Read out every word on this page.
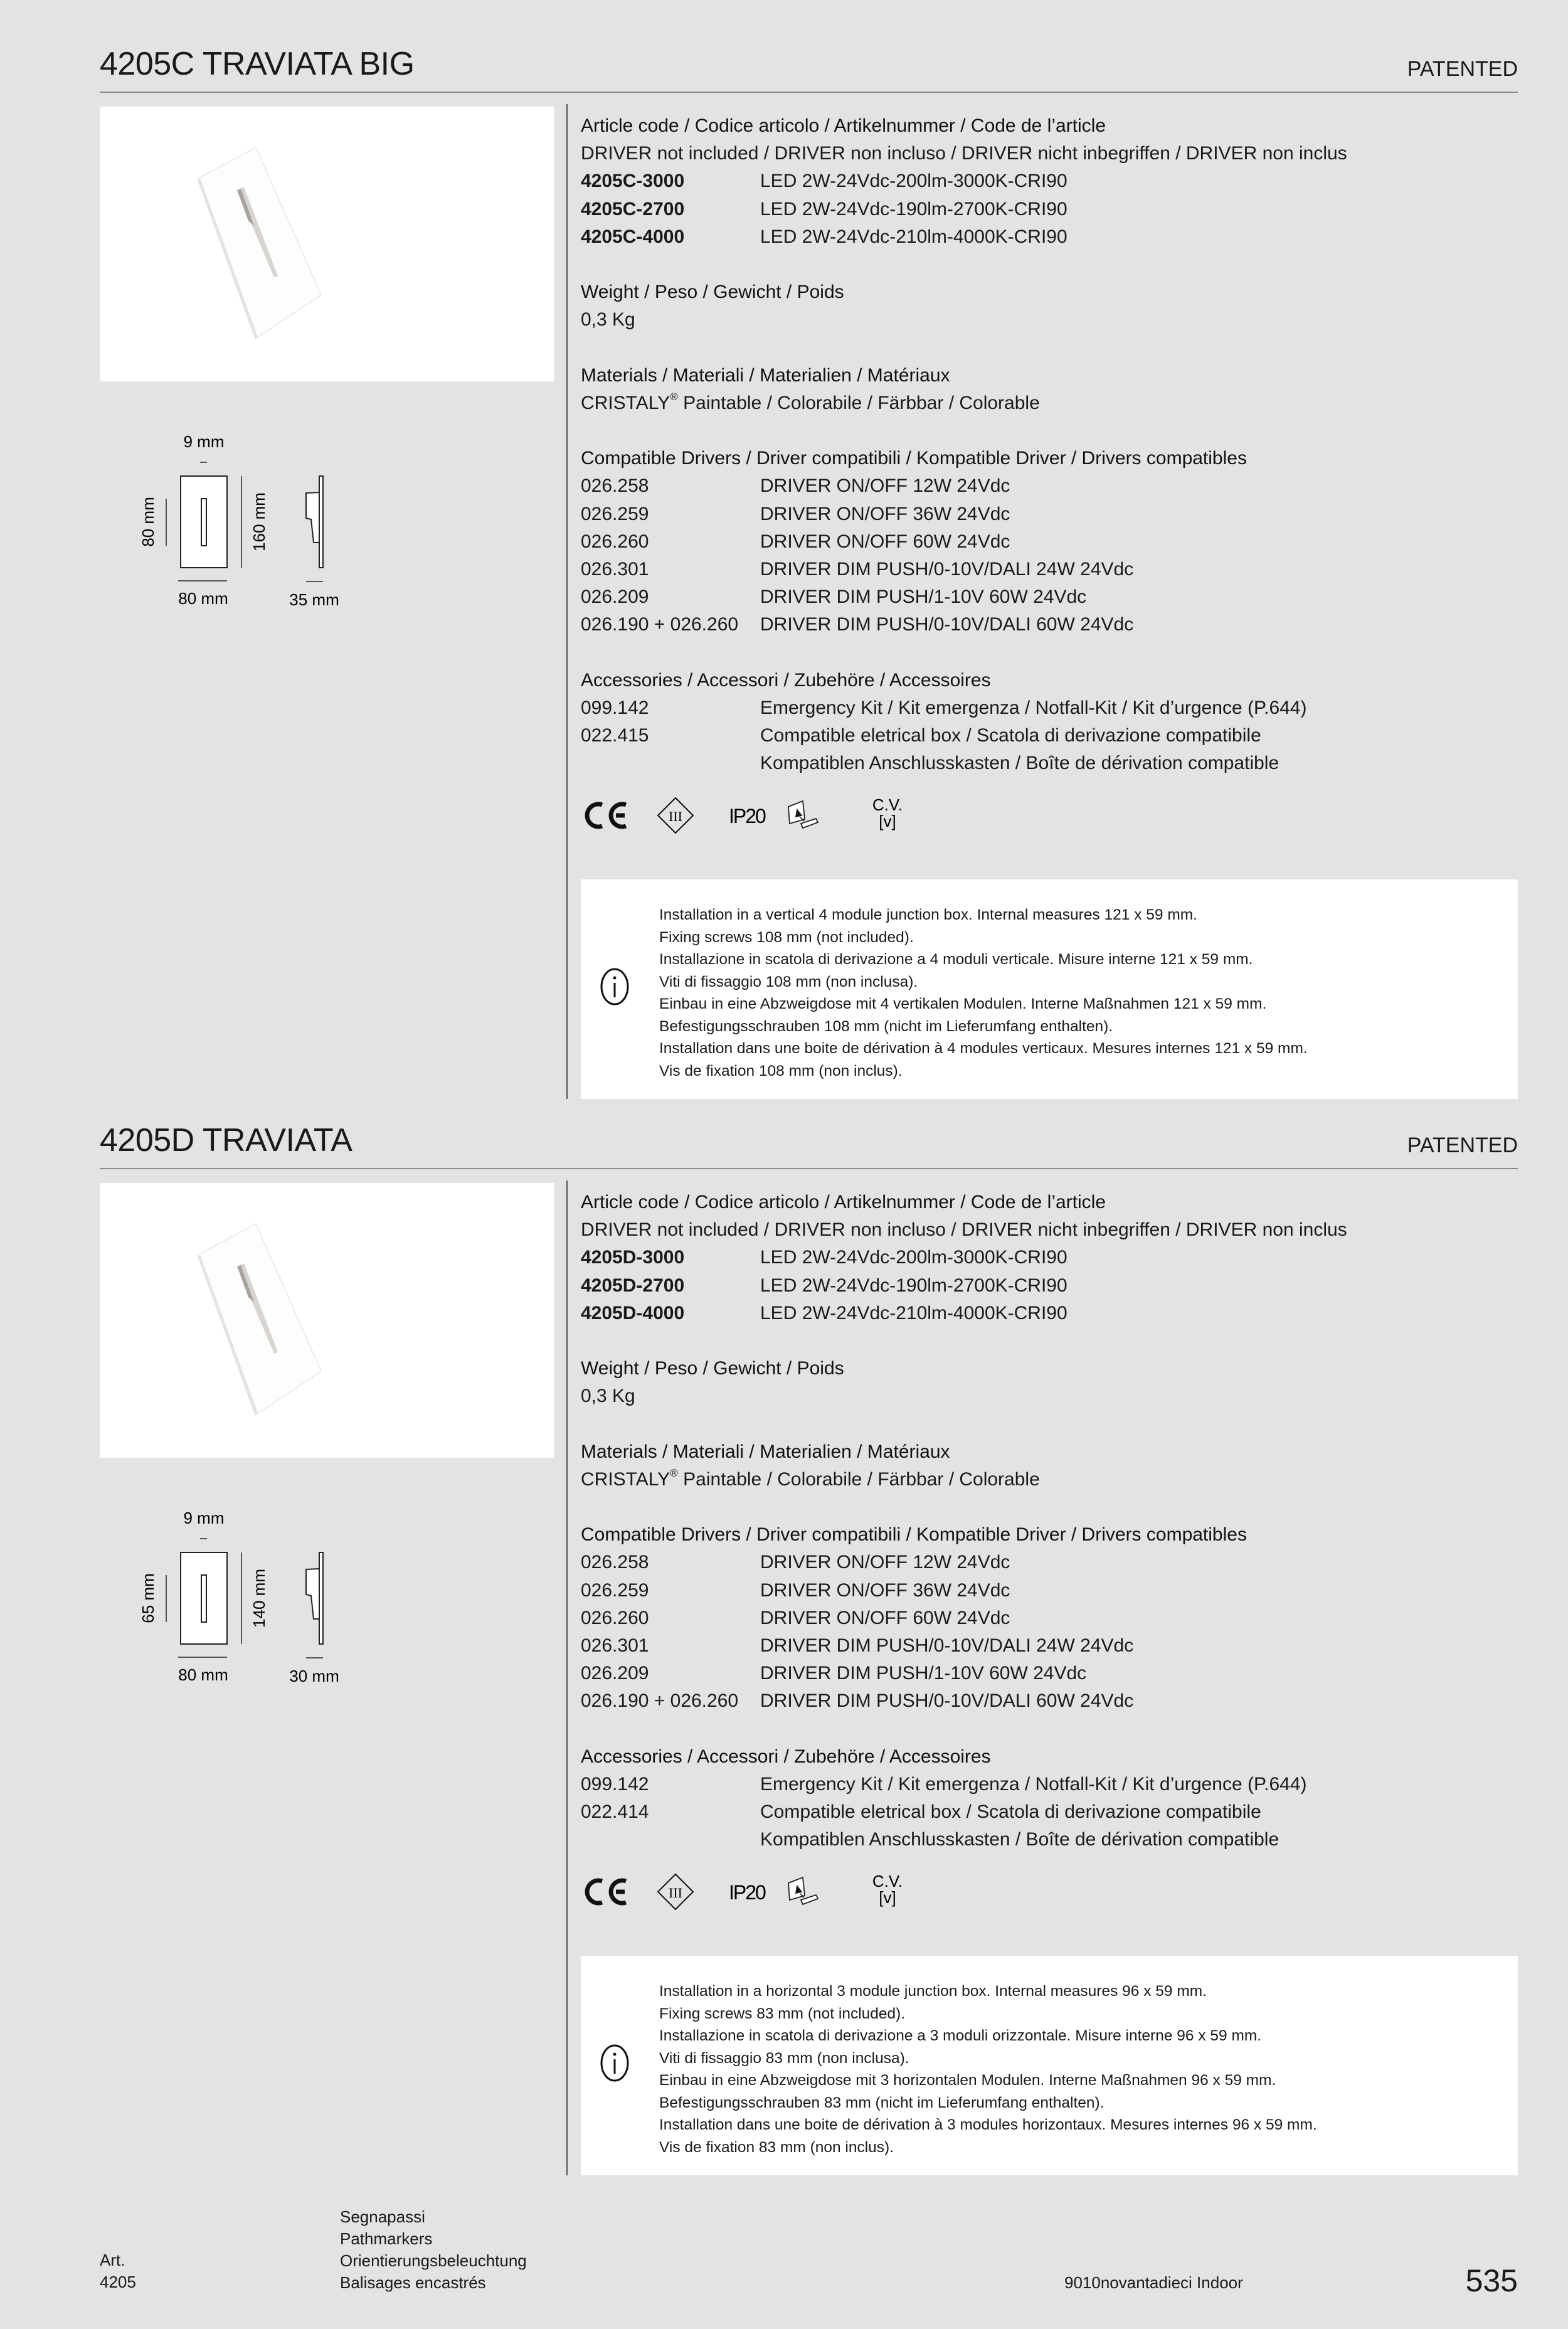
4205C TRAVIATA BIG	PATENTED
9 mm
80 mm	160 mm
80 mm	35 mm
Article code / Codice articolo / Artikelnummer / Code de l’article
DRIVER not included / DRIVER non incluso / DRIVER nicht inbegriffen / DRIVER non inclus
4205C-3000	LED 2W-24Vdc-200lm-3000K-CRI90
4205C-2700	LED 2W-24Vdc-190lm-2700K-CRI90
4205C-4000	LED 2W-24Vdc-210lm-4000K-CRI90
Weight / Peso / Gewicht / Poids
0,3 Kg
Materials / Materiali / Materialien / Matériaux
CRISTALY® Paintable / Colorabile / Färbbar / Colorable
Compatible Drivers / Driver compatibili / Kompatible Driver / Drivers compatibles
026.258	DRIVER ON/OFF 12W 24Vdc
026.259	DRIVER ON/OFF 36W 24Vdc
026.260	DRIVER ON/OFF 60W 24Vdc
026.301	DRIVER DIM PUSH/0-10V/DALI 24W 24Vdc
026.209	DRIVER DIM PUSH/1-10V 60W 24Vdc
026.190 + 026.260 DRIVER DIM PUSH/0-10V/DALI 60W 24Vdc
Accessories / Accessori / Zubehöre / Accessoires
099.142	Emergency Kit / Kit emergenza / Notfall-Kit / Kit d’urgence (P.644)
022.415	Compatible eletrical box / Scatola di derivazione compatibile
Kompatiblen Anschlusskasten / Boîte de dérivation compatible
III IP20	C.V.
[v]
Installation in a vertical 4 module junction box. Internal measures 121 x 59 mm.
Fixing screws 108 mm (not included).
Installazione in scatola di derivazione a 4 moduli verticale. Misure interne 121 x 59 mm.
Viti di fissaggio 108 mm (non inclusa).
Einbau in eine Abzweigdose mit 4 vertikalen Modulen. Interne Maßnahmen 121 x 59 mm.
Befestigungsschrauben 108 mm (nicht im Lieferumfang enthalten).
Installation dans une boite de dérivation à 4 modules verticaux. Mesures internes 121 x 59 mm.
Vis de fixation 108 mm (non inclus).
4205D TRAVIATA	PATENTED
9 mm
65 mm	140 mm
80 mm	30 mm
Article code / Codice articolo / Artikelnummer / Code de l’article
DRIVER not included / DRIVER non incluso / DRIVER nicht inbegriffen / DRIVER non inclus
4205D-3000	LED 2W-24Vdc-200lm-3000K-CRI90
4205D-2700	LED 2W-24Vdc-190lm-2700K-CRI90
4205D-4000	LED 2W-24Vdc-210lm-4000K-CRI90
Weight / Peso / Gewicht / Poids
0,3 Kg
Materials / Materiali / Materialien / Matériaux
CRISTALY® Paintable / Colorabile / Färbbar / Colorable
Compatible Drivers / Driver compatibili / Kompatible Driver / Drivers compatibles
026.258	DRIVER ON/OFF 12W 24Vdc
026.259	DRIVER ON/OFF 36W 24Vdc
026.260	DRIVER ON/OFF 60W 24Vdc
026.301	DRIVER DIM PUSH/0-10V/DALI 24W 24Vdc
026.209	DRIVER DIM PUSH/1-10V 60W 24Vdc
026.190 + 026.260 DRIVER DIM PUSH/0-10V/DALI 60W 24Vdc
Accessories / Accessori / Zubehöre / Accessoires
099.142	Emergency Kit / Kit emergenza / Notfall-Kit / Kit d’urgence (P.644)
022.414	Compatible eletrical box / Scatola di derivazione compatibile
Kompatiblen Anschlusskasten / Boîte de dérivation compatible
III IP20	C.V.
[v]
Installation in a horizontal 3 module junction box. Internal measures 96 x 59 mm.
Fixing screws 83 mm (not included).
Installazione in scatola di derivazione a 3 moduli orizzontale. Misure interne 96 x 59 mm.
Viti di fissaggio 83 mm (non inclusa).
Einbau in eine Abzweigdose mit 3 horizontalen Modulen. Interne Maßnahmen 96 x 59 mm.
Befestigungsschrauben 83 mm (nicht im Lieferumfang enthalten).
Installation dans une boite de dérivation à 3 modules horizontaux. Mesures internes 96 x 59 mm.
Vis de fixation 83 mm (non inclus).
Art.
4205
Segnapassi
Pathmarkers
Orientierungsbeleuchtung
Balisages encastrés	9010novantadieci Indoor	535
